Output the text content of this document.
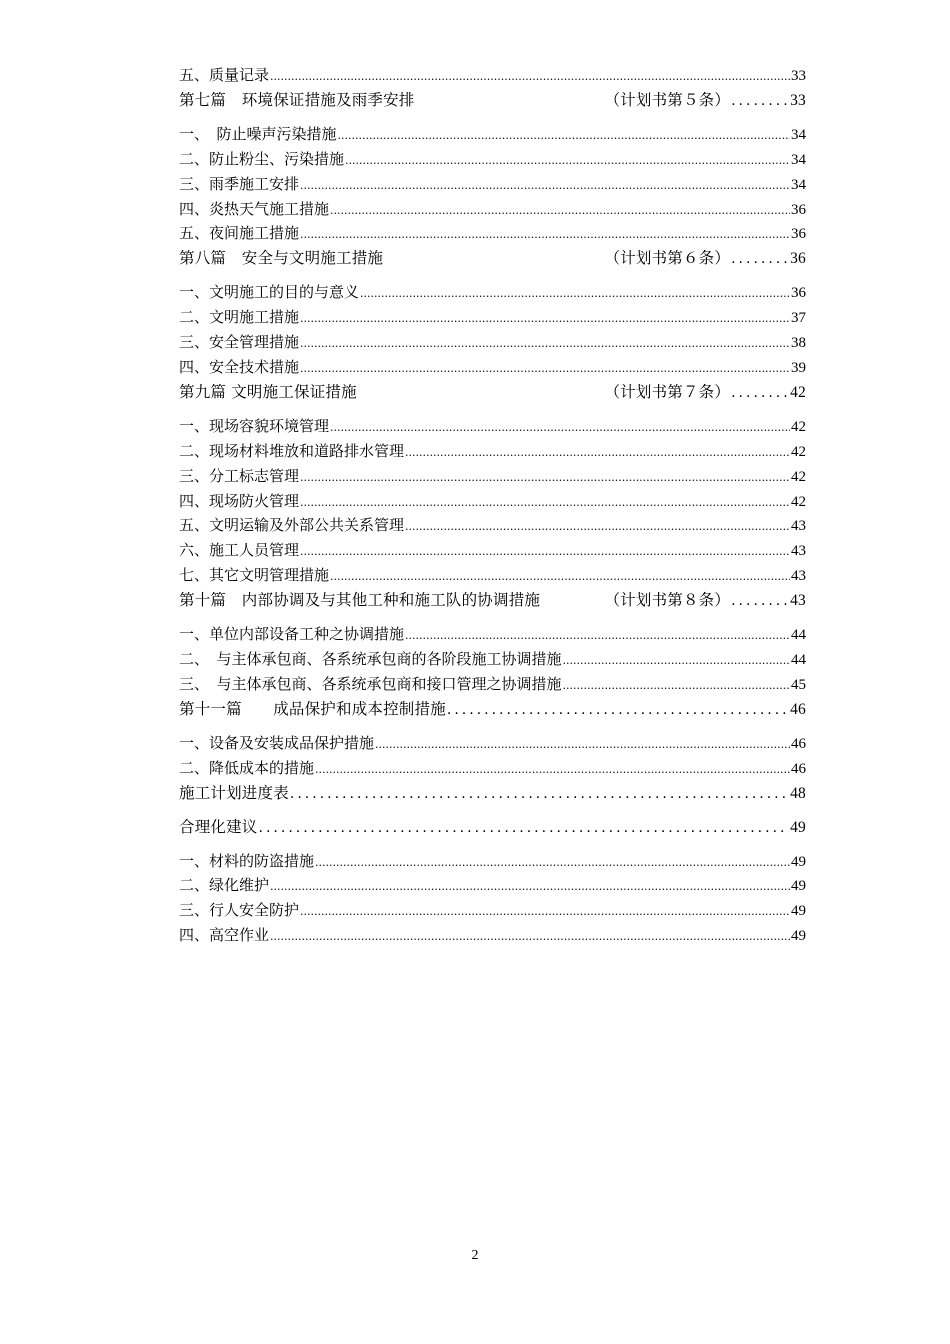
五、质量记录 .....	33
第七篇　环境保证措施及雨季安排	（计划书第５条） .....	33
一、　防止噪声污染措施 .....	34
二、防止粉尘、污染措施 .....	34
三、雨季施工安排 .....	34
四、炎热天气施工措施 .....	36
五、夜间施工措施 .....	36
第八篇　安全与文明施工措施	（计划书第６条） .....	36
一、文明施工的目的与意义 .....	36
二、文明施工措施 .....	37
三、安全管理措施 .....	38
四、安全技术措施 .....	39
第九篇 文明施工保证措施	（计划书第７条） .....	42
一、现场容貌环境管理 .....	42
二、现场材料堆放和道路排水管理 .....	42
三、分工标志管理 .....	42
四、现场防火管理 .....	42
五、文明运输及外部公共关系管理 .....	43
六、施工人员管理 .....	43
七、其它文明管理措施 .....	43
第十篇　内部协调及与其他工种和施工队的协调措施	（计划书第８条） .....	43
一、单位内部设备工种之协调措施 .....	44
二、　与主体承包商、各系统承包商的各阶段施工协调措施 .....	44
三、　与主体承包商、各系统承包商和接口管理之协调措施 .....	45
第十一篇　　成品保护和成本控制措施 .....	46
一、设备及安装成品保护措施 .....	46
二、降低成本的措施 .....	46
施工计划进度表 .....	48
合理化建议 .....	49
一、材料的防盗措施 .....	49
二、绿化维护 .....	49
三、行人安全防护 .....	49
四、高空作业 .....	49
2
